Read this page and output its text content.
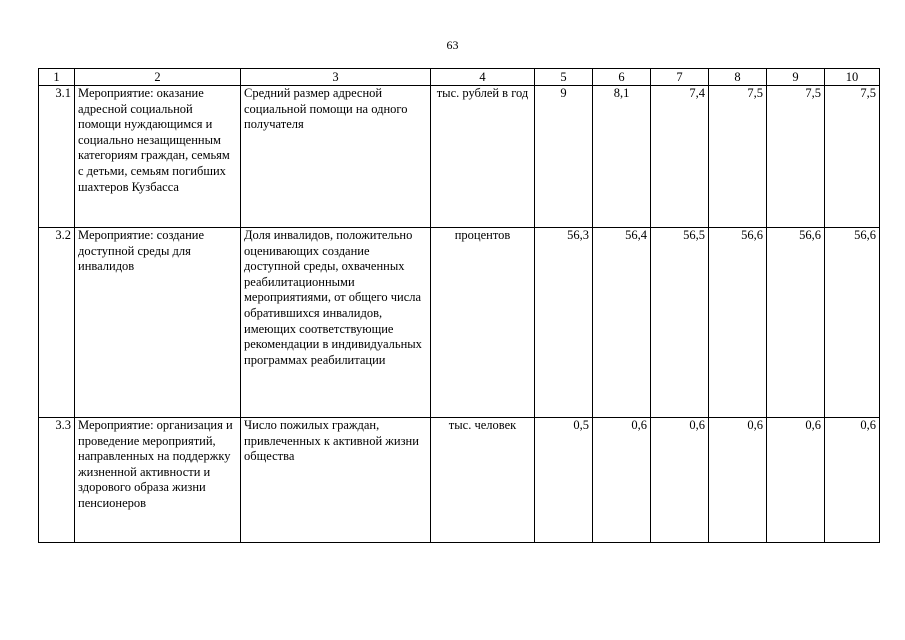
63
1	2	3	4	5	6	7	8	9	10
3.1	Мероприятие: оказание адресной социальной помощи нуждающимся и социально незащищенным категориям граждан, семьям с детьми, семьям погибших шахтеров Кузбасса	Средний размер адресной социальной помощи на одного получателя	тыс. рублей в год	9	8,1	7,4	7,5	7,5	7,5
3.2	Мероприятие: создание доступной среды для инвалидов	Доля инвалидов, положительно оценивающих создание доступной среды, охваченных реабилитационными мероприятиями, от общего числа обратившихся инвалидов, имеющих соответствующие рекомендации в индивидуальных программах реабилитации	процентов	56,3	56,4	56,5	56,6	56,6	56,6
3.3	Мероприятие: организация и проведение мероприятий, направленных на поддержку жизненной активности и здорового образа жизни пенсионеров	Число пожилых граждан, привлеченных к активной жизни общества	тыс. человек	0,5	0,6	0,6	0,6	0,6	0,6
